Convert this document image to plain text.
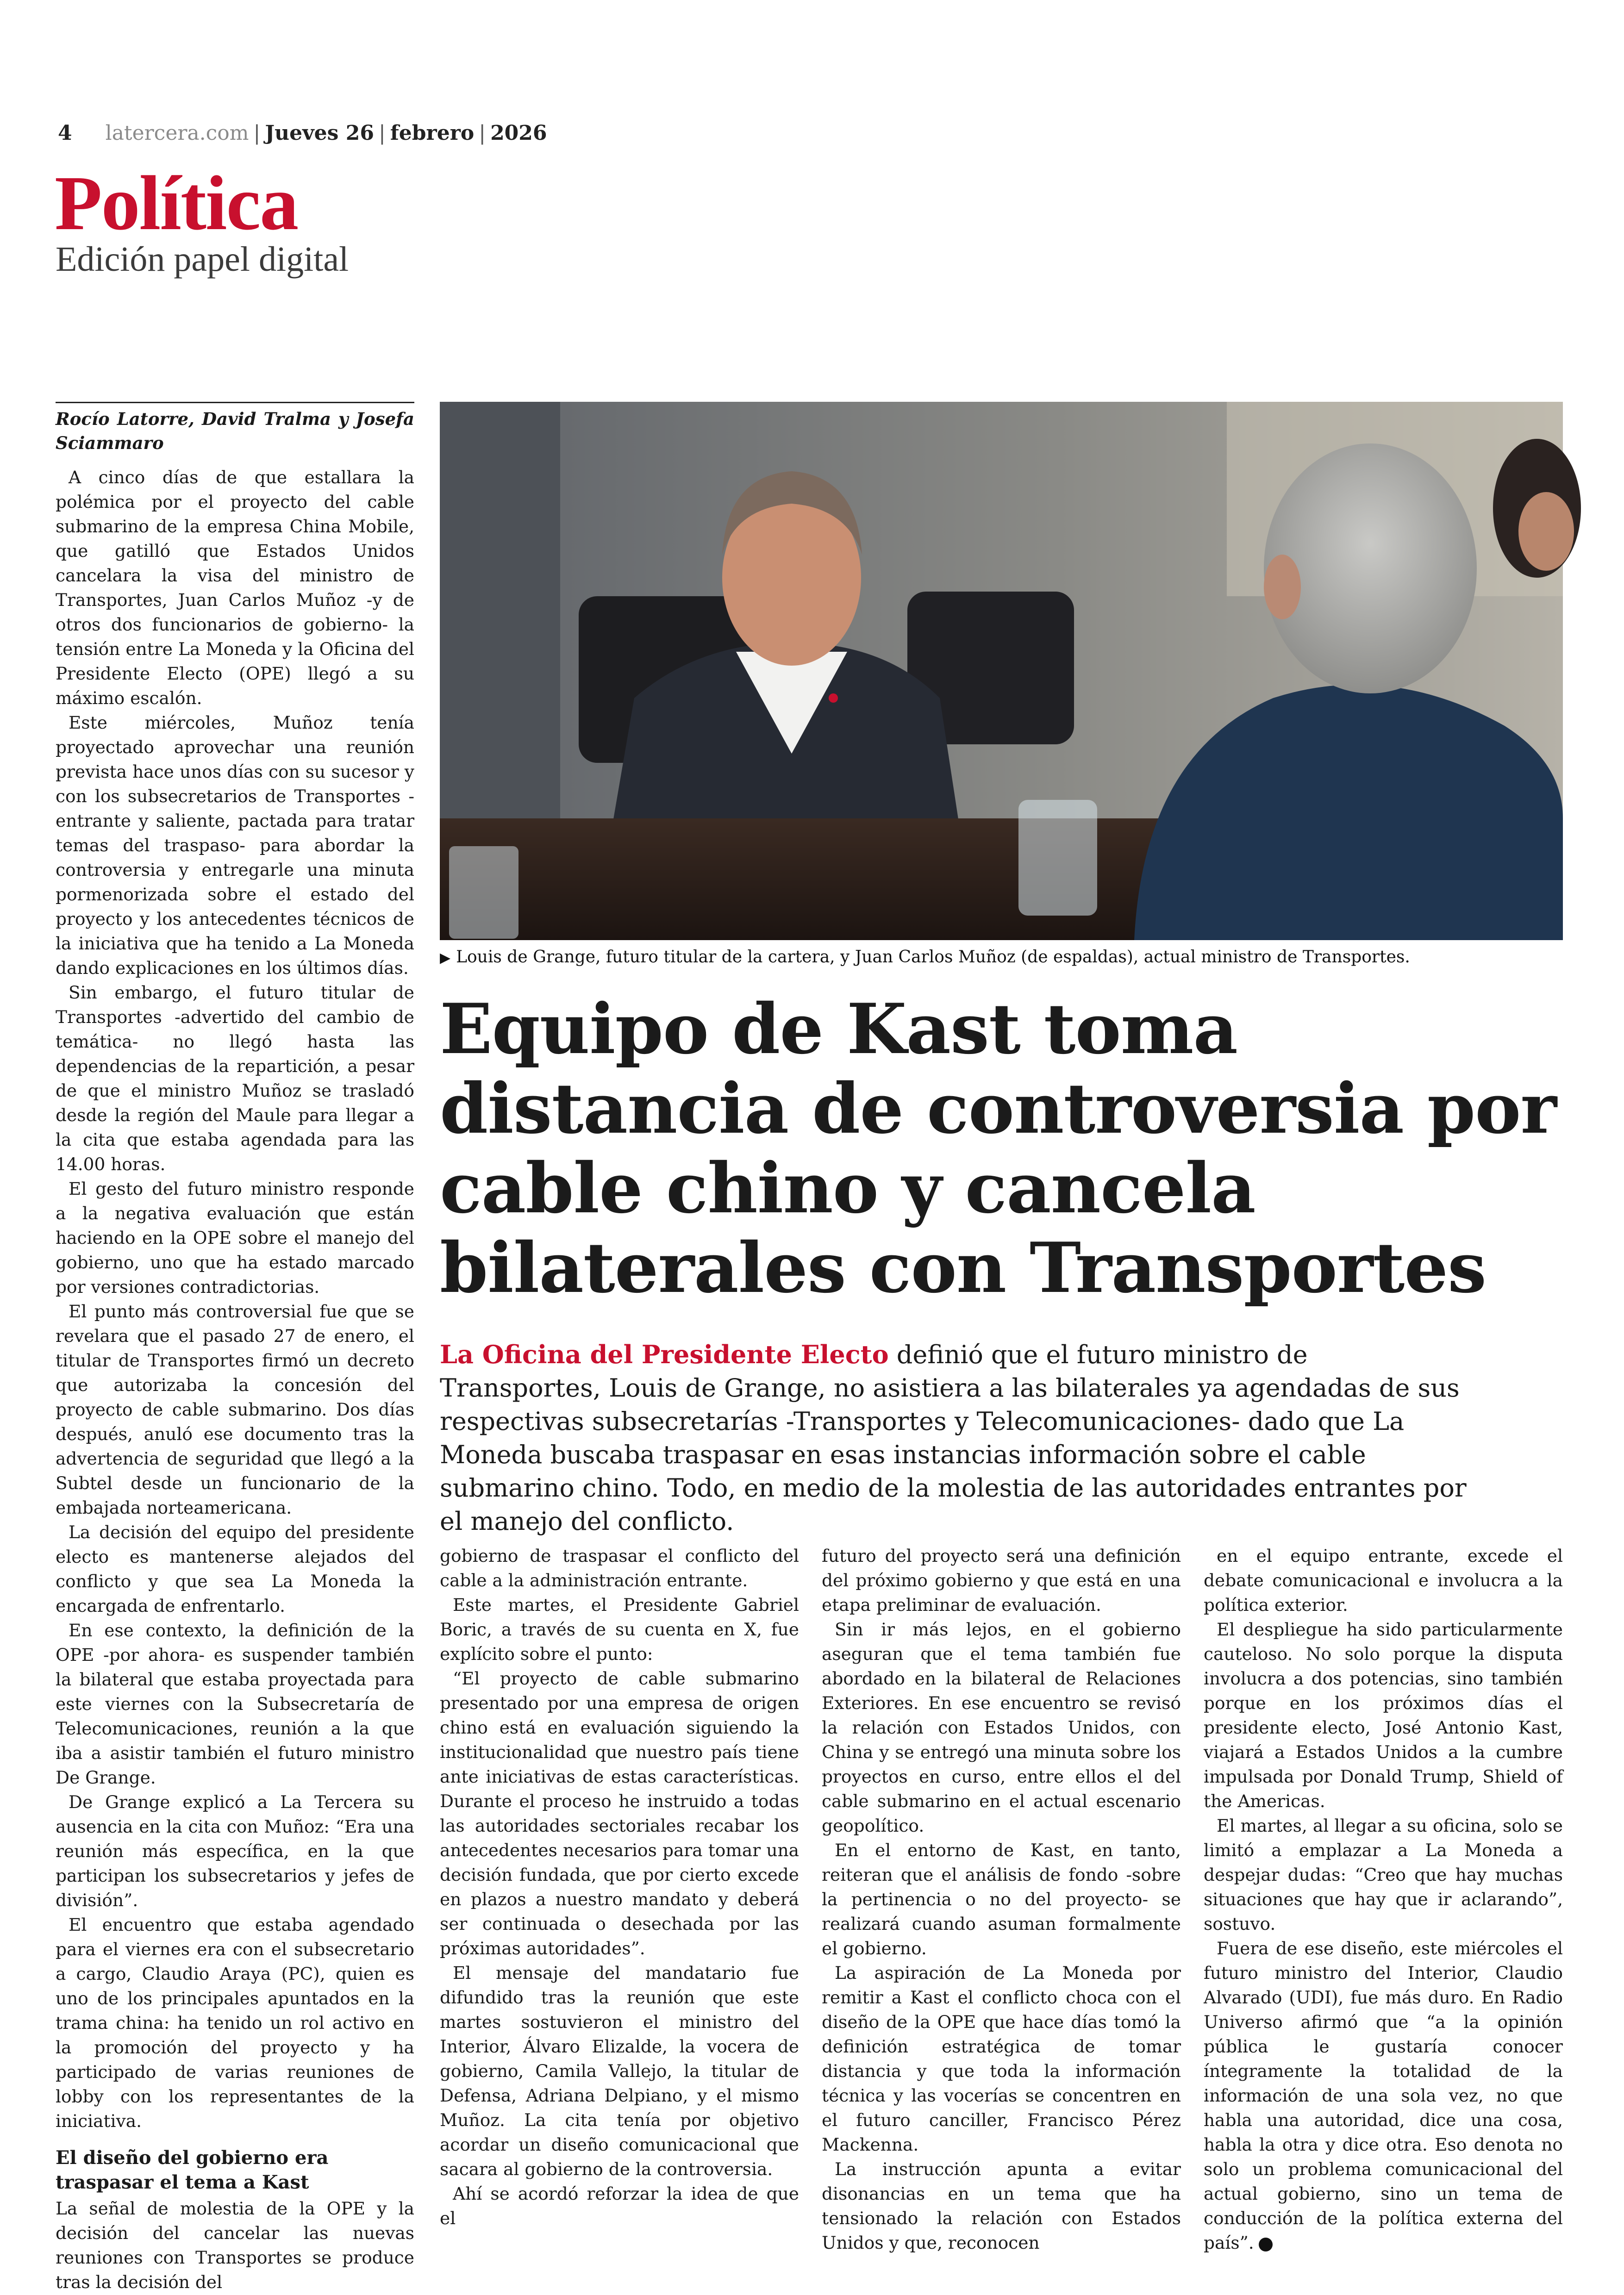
4 latercera.com | Jueves 26 | febrero | 2026
Política
Edición papel digital
Rocío Latorre, David Tralma y Josefa Sciammaro

A cinco días de que estallara la polémica por el proyecto del cable submarino de la empresa China Mobile, que gatilló que Estados Unidos cancelara la visa del ministro de Transportes, Juan Carlos Muñoz -y de otros dos funcionarios de gobierno- la tensión entre La Moneda y la Oficina del Presidente Electo (OPE) llegó a su máximo escalón.

Este miércoles, Muñoz tenía proyectado aprovechar una reunión prevista hace unos días con su sucesor y con los subsecretarios de Transportes -entrante y saliente, pactada para tratar temas del traspaso- para abordar la controversia y entregarle una minuta pormenorizada sobre el estado del proyecto y los antecedentes técnicos de la iniciativa que ha tenido a La Moneda dando explicaciones en los últimos días.

Sin embargo, el futuro titular de Transportes -advertido del cambio de temática- no llegó hasta las dependencias de la repartición, a pesar de que el ministro Muñoz se trasladó desde la región del Maule para llegar a la cita que estaba agendada para las 14.00 horas.

El gesto del futuro ministro responde a la negativa evaluación que están haciendo en la OPE sobre el manejo del gobierno, uno que ha estado marcado por versiones contradictorias.

El punto más controversial fue que se revelara que el pasado 27 de enero, el titular de Transportes firmó un decreto que autorizaba la concesión del proyecto de cable submarino. Dos días después, anuló ese documento tras la advertencia de seguridad que llegó a la Subtel desde un funcionario de la embajada norteamericana.

La decisión del equipo del presidente electo es mantenerse alejados del conflicto y que sea La Moneda la encargada de enfrentarlo.

En ese contexto, la definición de la OPE -por ahora- es suspender también la bilateral que estaba proyectada para este viernes con la Subsecretaría de Telecomunicaciones, reunión a la que iba a asistir también el futuro ministro De Grange.

De Grange explicó a La Tercera su ausencia en la cita con Muñoz: “Era una reunión más específica, en la que participan los subsecretarios y jefes de división”.

El encuentro que estaba agendado para el viernes era con el subsecretario a cargo, Claudio Araya (PC), quien es uno de los principales apuntados en la trama china: ha tenido un rol activo en la promoción del proyecto y ha participado de varias reuniones de lobby con los representantes de la iniciativa.

El diseño del gobierno era traspasar el tema a Kast

La señal de molestia de la OPE y la decisión del cancelar las nuevas reuniones con Transportes se produce tras la decisión del

▶ Louis de Grange, futuro titular de la cartera, y Juan Carlos Muñoz (de espaldas), actual ministro de Transportes.
Equipo de Kast toma distancia de controversia por cable chino y cancela bilaterales con Transportes
La Oficina del Presidente Electo definió que el futuro ministro de Transportes, Louis de Grange, no asistiera a las bilaterales ya agendadas de sus respectivas subsecretarías -Transportes y Telecomunicaciones- dado que La Moneda buscaba traspasar en esas instancias información sobre el cable submarino chino. Todo, en medio de la molestia de las autoridades entrantes por el manejo del conflicto.

gobierno de traspasar el conflicto del cable a la administración entrante.

Este martes, el Presidente Gabriel Boric, a través de su cuenta en X, fue explícito sobre el punto:

“El proyecto de cable submarino presentado por una empresa de origen chino está en evaluación siguiendo la institucionalidad que nuestro país tiene ante iniciativas de estas características. Durante el proceso he instruido a todas las autoridades sectoriales recabar los antecedentes necesarios para tomar una decisión fundada, que por cierto excede en plazos a nuestro mandato y deberá ser continuada o desechada por las próximas autoridades”.

El mensaje del mandatario fue difundido tras la reunión que este martes sostuvieron el ministro del Interior, Álvaro Elizalde, la vocera de gobierno, Camila Vallejo, la titular de Defensa, Adriana Delpiano, y el mismo Muñoz. La cita tenía por objetivo acordar un diseño comunicacional que sacara al gobierno de la controversia.

Ahí se acordó reforzar la idea de que el

futuro del proyecto será una definición del próximo gobierno y que está en una etapa preliminar de evaluación.

Sin ir más lejos, en el gobierno aseguran que el tema también fue abordado en la bilateral de Relaciones Exteriores. En ese encuentro se revisó la relación con Estados Unidos, con China y se entregó una minuta sobre los proyectos en curso, entre ellos el del cable submarino en el actual escenario geopolítico.

En el entorno de Kast, en tanto, reiteran que el análisis de fondo -sobre la pertinencia o no del proyecto- se realizará cuando asuman formalmente el gobierno.

La aspiración de La Moneda por remitir a Kast el conflicto choca con el diseño de la OPE que hace días tomó la definición estratégica de tomar distancia y que toda la información técnica y las vocerías se concentren en el futuro canciller, Francisco Pérez Mackenna.

La instrucción apunta a evitar disonancias en un tema que ha tensionado la relación con Estados Unidos y que, reconocen

en el equipo entrante, excede el debate comunicacional e involucra a la política exterior.

El despliegue ha sido particularmente cauteloso. No solo porque la disputa involucra a dos potencias, sino también porque en los próximos días el presidente electo, José Antonio Kast, viajará a Estados Unidos a la cumbre impulsada por Donald Trump, Shield of the Americas.

El martes, al llegar a su oficina, solo se limitó a emplazar a La Moneda a despejar dudas: “Creo que hay muchas situaciones que hay que ir aclarando”, sostuvo.

Fuera de ese diseño, este miércoles el futuro ministro del Interior, Claudio Alvarado (UDI), fue más duro. En Radio Universo afirmó que “a la opinión pública le gustaría conocer íntegramente la totalidad de la información de una sola vez, no que habla una autoridad, dice una cosa, habla la otra y dice otra. Eso denota no solo un problema comunicacional del actual gobierno, sino un tema de conducción de la política externa del país”.
